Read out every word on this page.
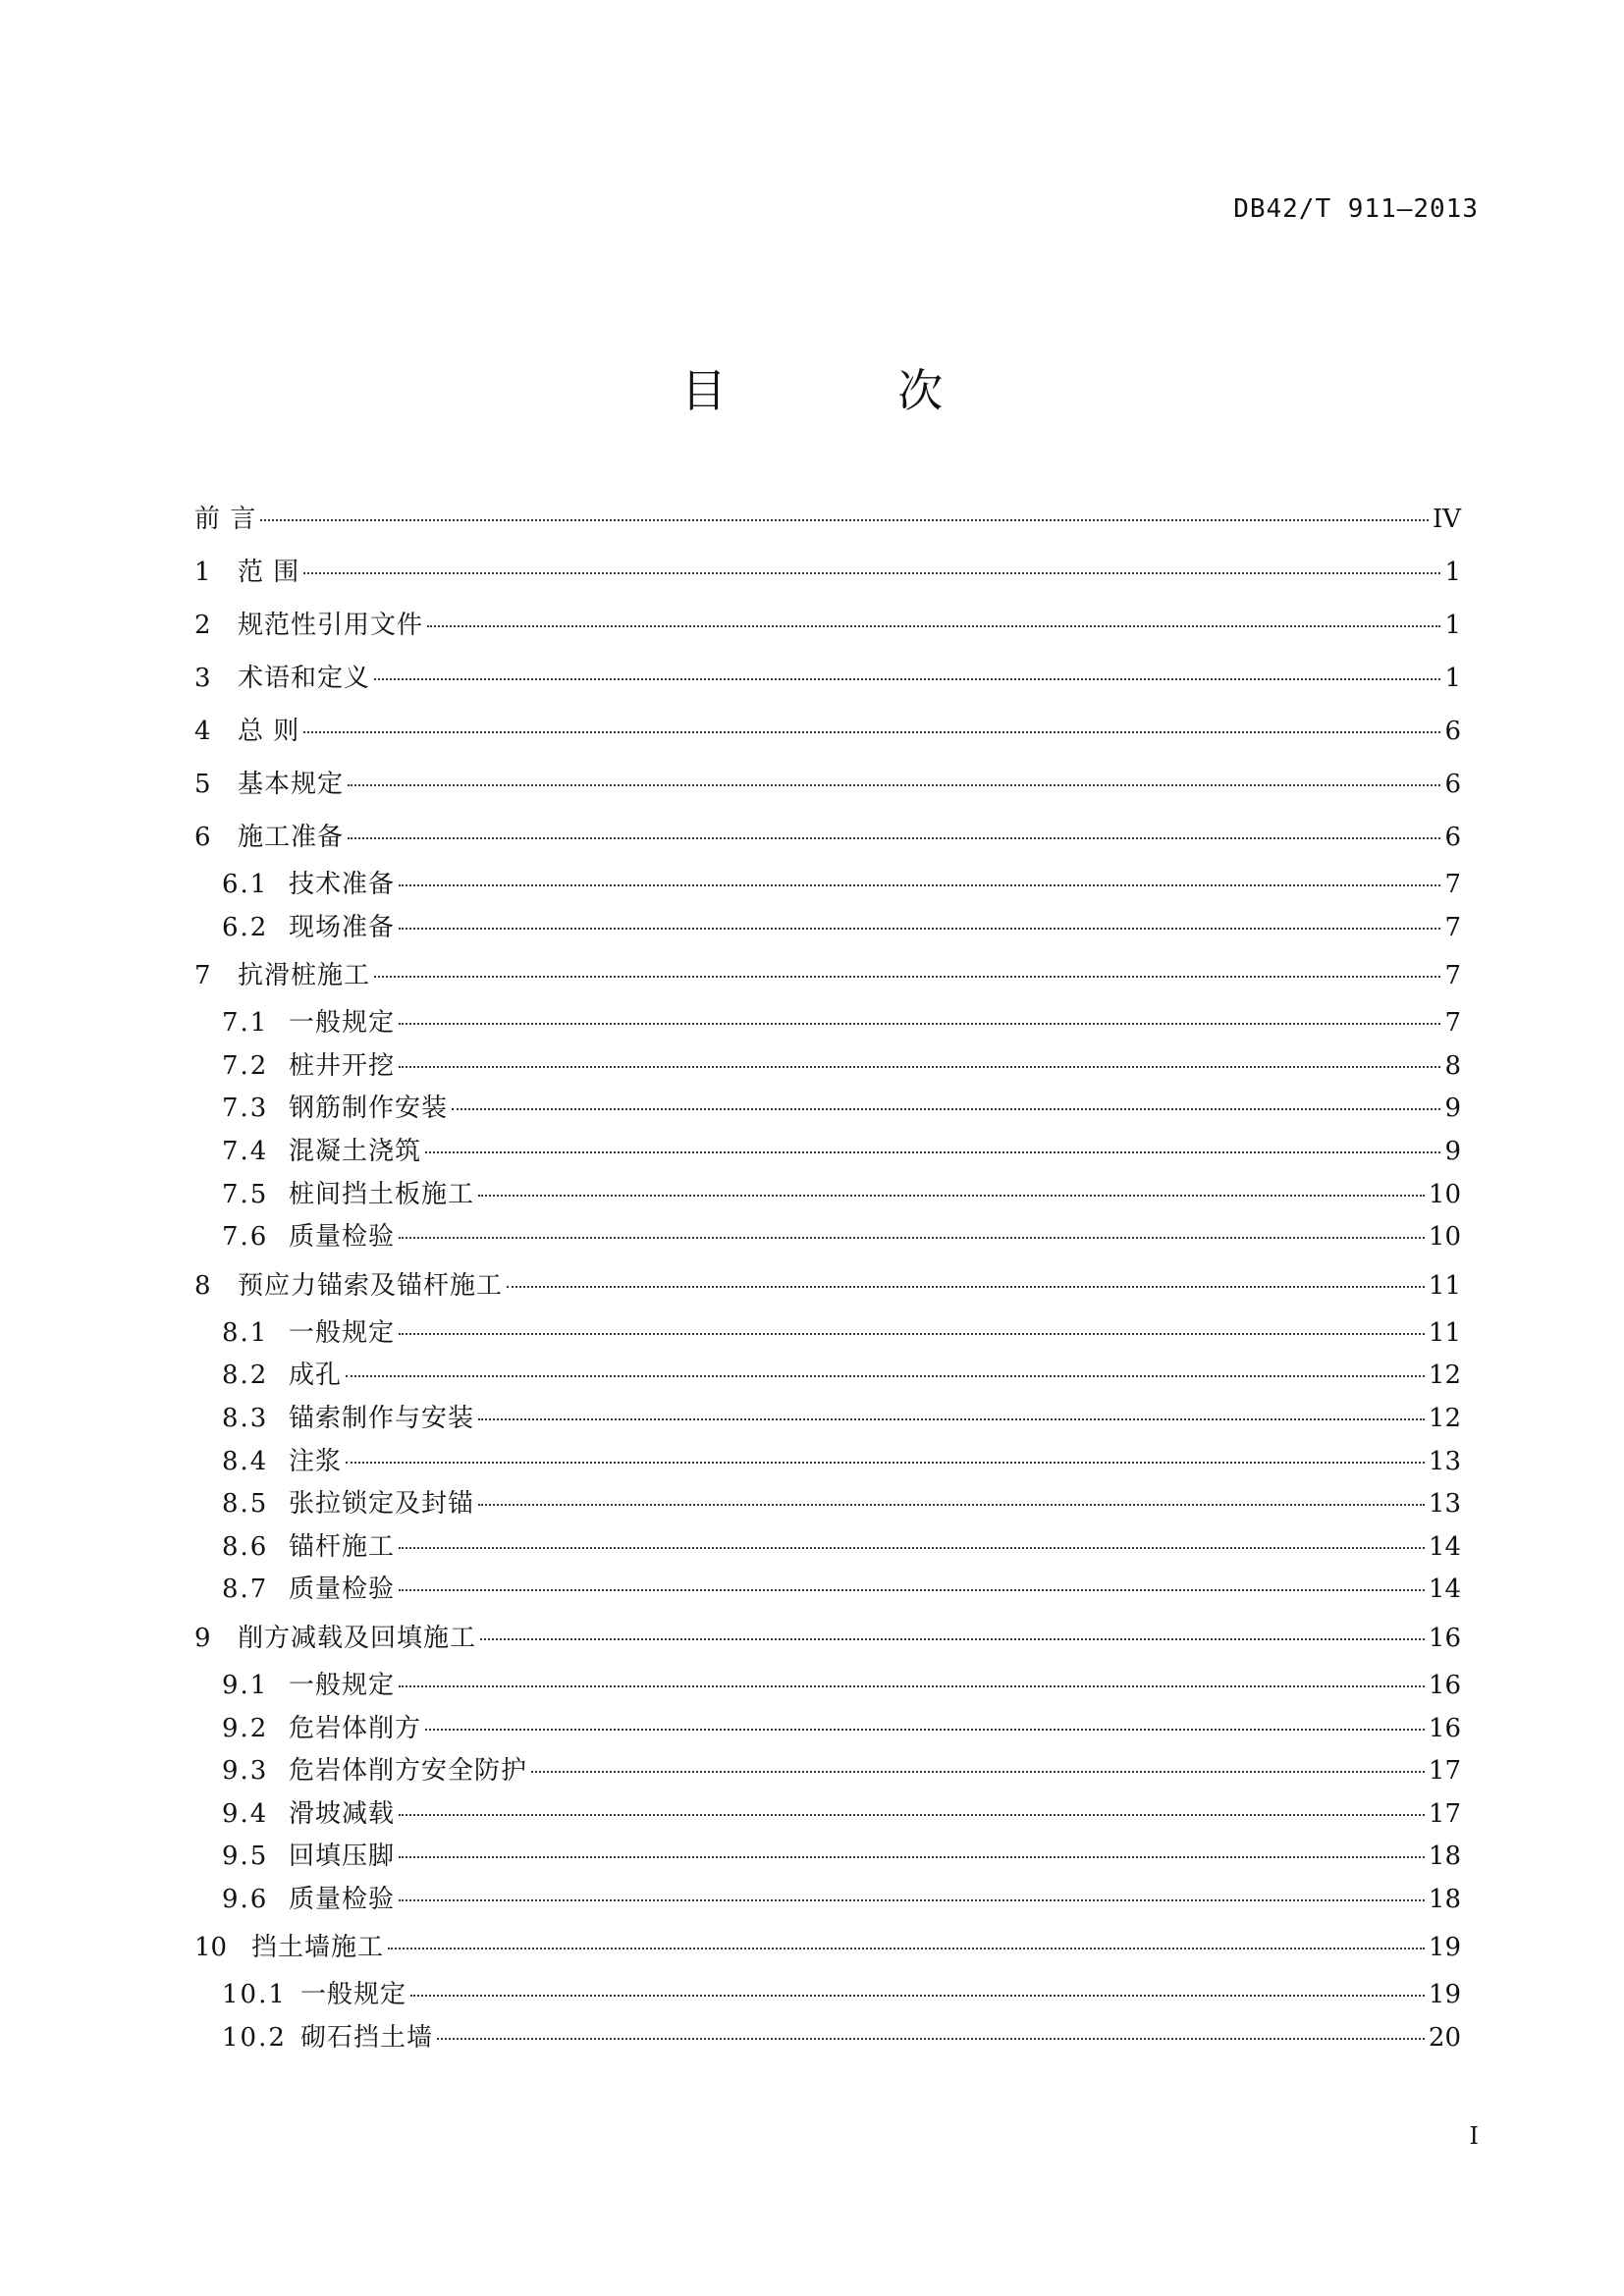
DB42/T 911—2013
目 次
前 言	IV
1	范 围	1
2	规范性引用文件	1
3	术语和定义	1
4	总 则	6
5	基本规定	6
6	施工准备	6
6.1 技术准备	7
6.2 现场准备	7
7	抗滑桩施工	7
7.1 一般规定	7
7.2 桩井开挖	8
7.3 钢筋制作安装	9
7.4 混凝土浇筑	9
7.5 桩间挡土板施工	10
7.6 质量检验	10
8	预应力锚索及锚杆施工	11
8.1 一般规定	11
8.2 成孔	12
8.3 锚索制作与安装	12
8.4 注浆	13
8.5 张拉锁定及封锚	13
8.6 锚杆施工	14
8.7 质量检验	14
9	削方减载及回填施工	16
9.1 一般规定	16
9.2 危岩体削方	16
9.3 危岩体削方安全防护	17
9.4 滑坡减载	17
9.5 回填压脚	18
9.6 质量检验	18
10 挡土墙施工	19
10.1 一般规定	19
10.2 砌石挡土墙	20
I
